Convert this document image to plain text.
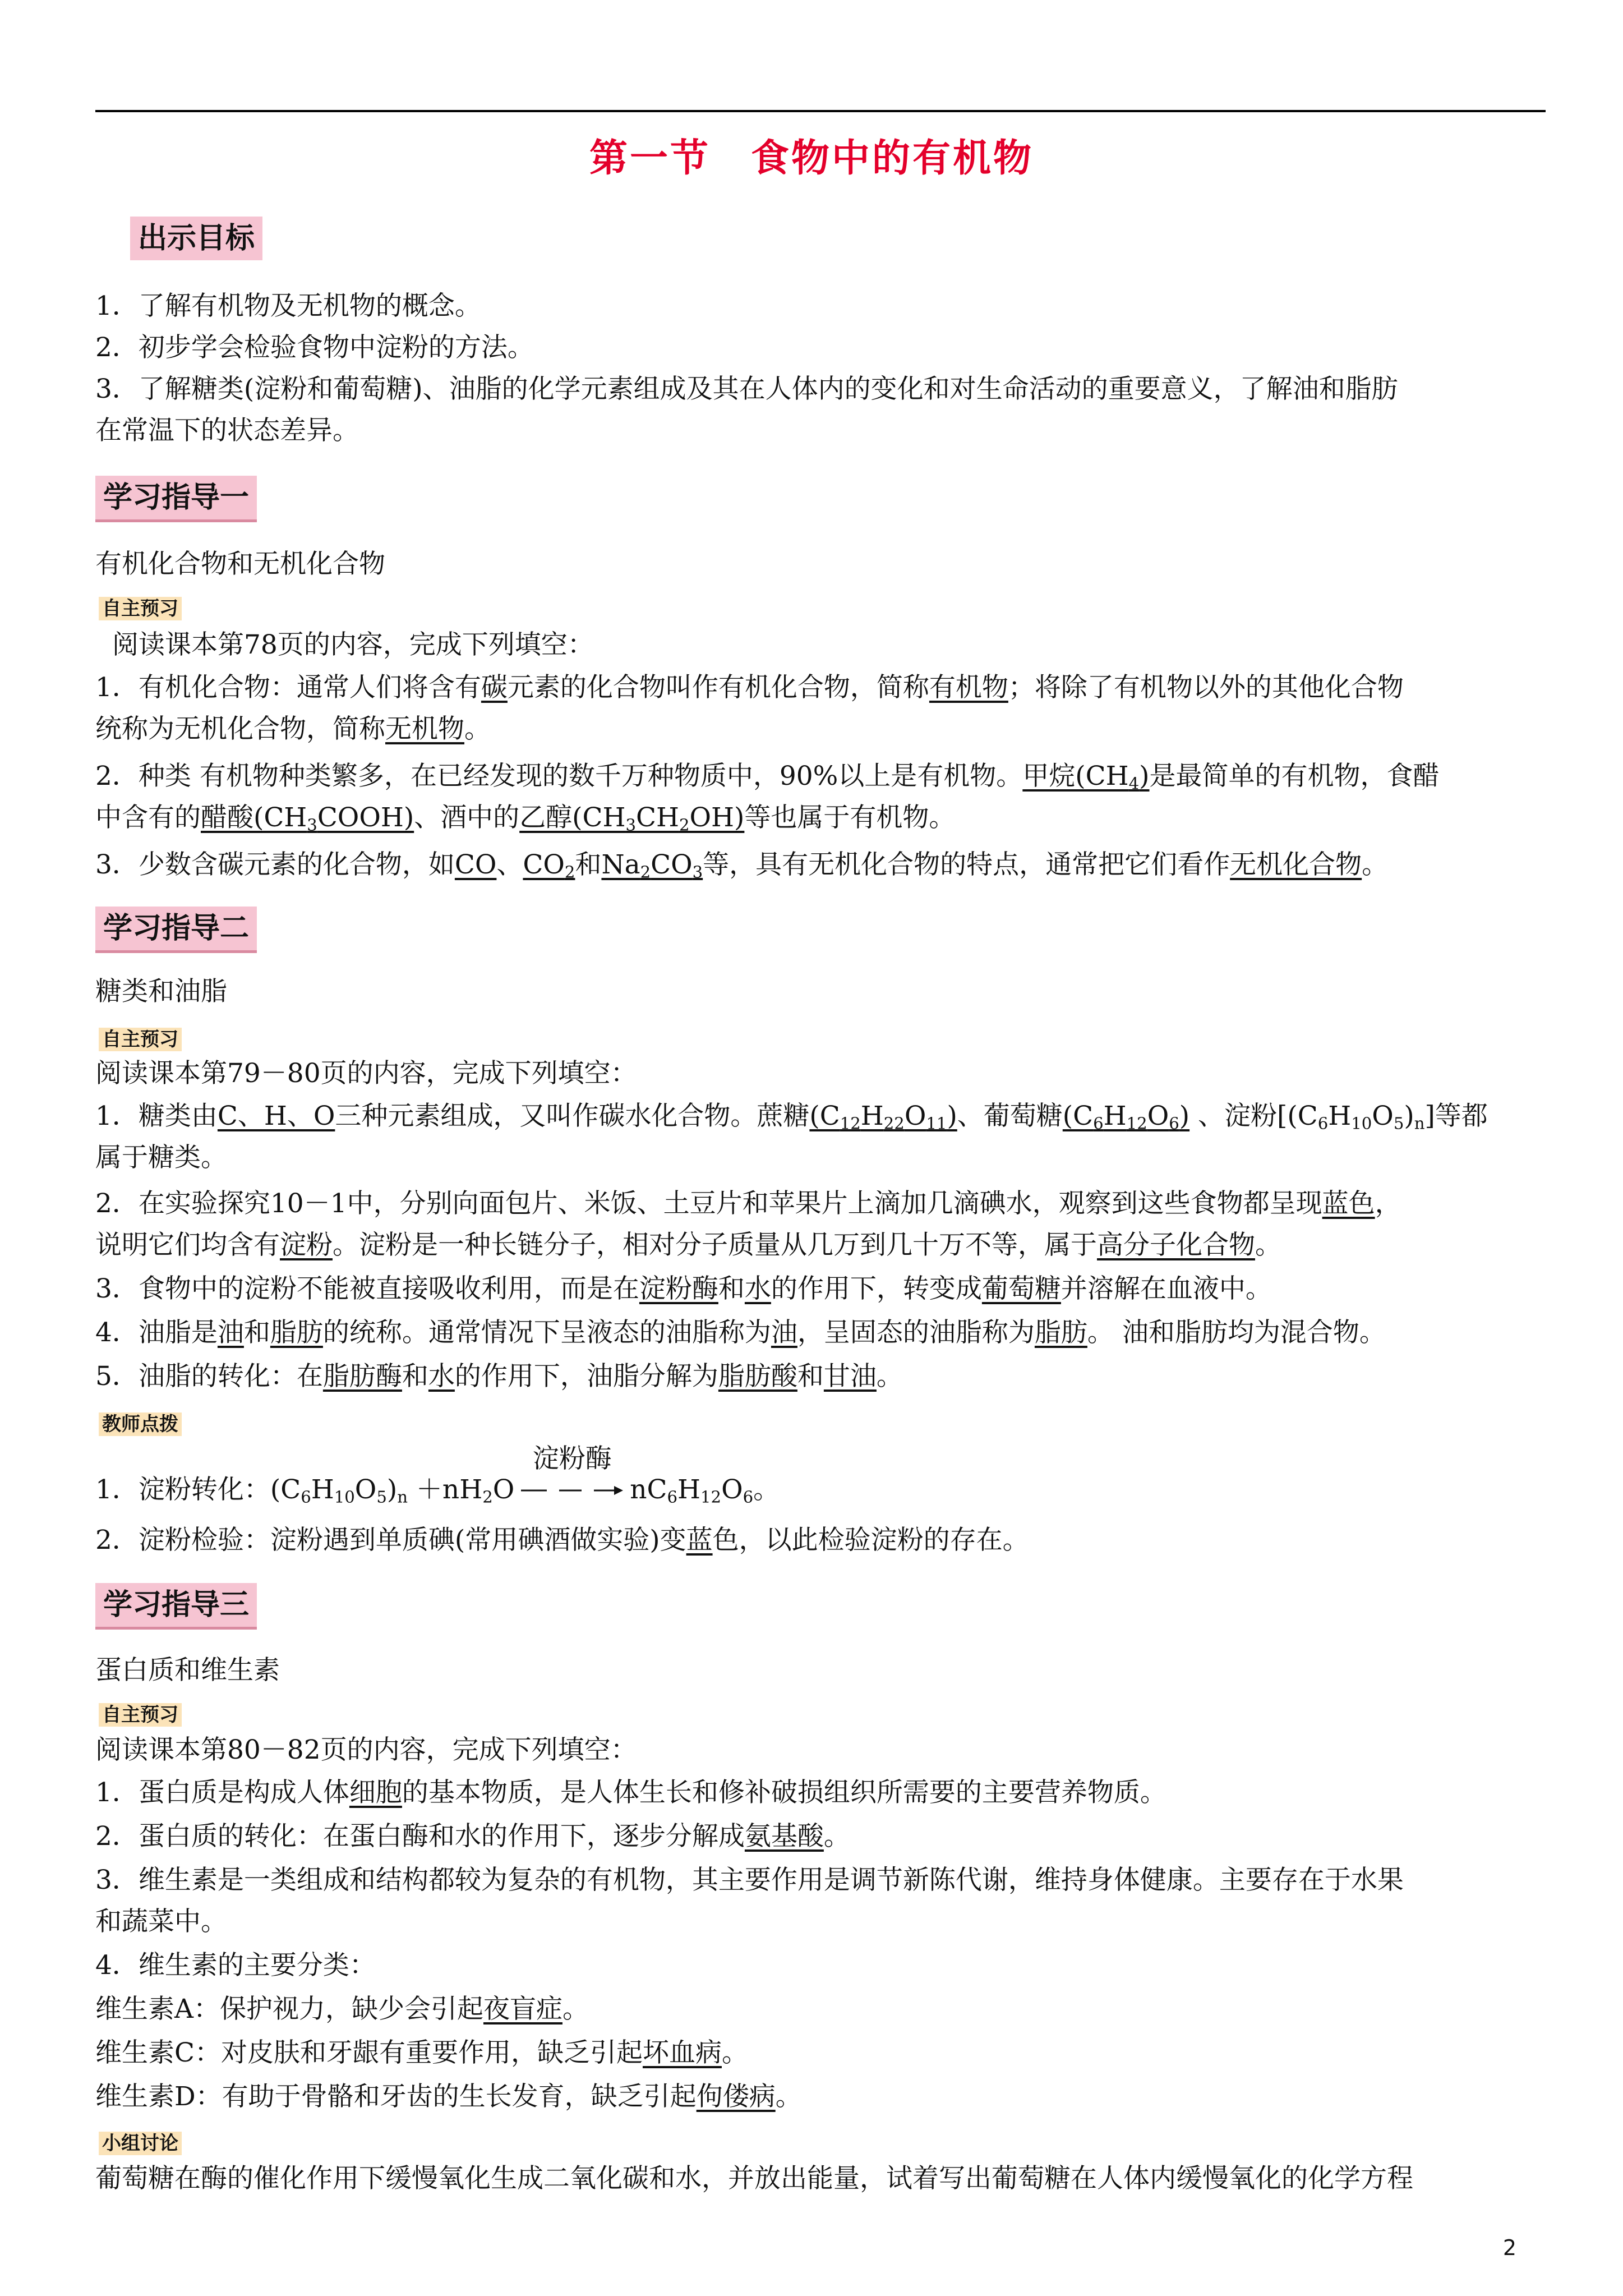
第一节　食物中的有机物
出示目标
1．了解有机物及无机物的概念。
2．初步学会检验食物中淀粉的方法。
3．了解糖类(淀粉和葡萄糖)、油脂的化学元素组成及其在人体内的变化和对生命活动的重要意义，了解油和脂肪
在常温下的状态差异。
学习指导一
有机化合物和无机化合物
自主预习
阅读课本第78页的内容，完成下列填空：
1．有机化合物：通常人们将含有碳元素的化合物叫作有机化合物，简称有机物；将除了有机物以外的其他化合物
统称为无机化合物，简称无机物。
2．种类 有机物种类繁多，在已经发现的数千万种物质中，90%以上是有机物。甲烷$(CH_4)$是最简单的有机物，食醋
中含有的醋酸$(CH_3COOH)$、酒中的乙醇$(CH_3CH_2OH)$等也属于有机物。
3．少数含碳元素的化合物，如CO、$CO_2$和$Na_2CO_3$等，具有无机化合物的特点，通常把它们看作无机化合物。
学习指导二
糖类和油脂
自主预习
阅读课本第79－80页的内容，完成下列填空：
1．糖类由C、H、O三种元素组成，又叫作碳水化合物。蔗糖$(C_{12}H_{22}O_{11})$、葡萄糖$(C_6H_{12}O_6)$ 、淀粉$[(C_6H_{10}O_5)_n]$等都
属于糖类。
2．在实验探究10－1中，分别向面包片、米饭、土豆片和苹果片上滴加几滴碘水，观察到这些食物都呈现蓝色，
说明它们均含有淀粉。淀粉是一种长链分子，相对分子质量从几万到几十万不等，属于高分子化合物。
3．食物中的淀粉不能被直接吸收利用，而是在淀粉酶和水的作用下，转变成葡萄糖并溶解在血液中。
4．油脂是油和脂肪的统称。通常情况下呈液态的油脂称为油，呈固态的油脂称为脂肪。 油和脂肪均为混合物。
5．油脂的转化：在脂肪酶和水的作用下，油脂分解为脂肪酸和甘油。
教师点拨
1．淀粉转化：$(C_6H_{10}O_5)_n +nH_2O$
淀粉酶
$nC_6H_{12}O_6$。
2．淀粉检验：淀粉遇到单质碘(常用碘酒做实验)变蓝色，以此检验淀粉的存在。
学习指导三
蛋白质和维生素
自主预习
阅读课本第80－82页的内容，完成下列填空：
1．蛋白质是构成人体细胞的基本物质，是人体生长和修补破损组织所需要的主要营养物质。
2．蛋白质的转化：在蛋白酶和水的作用下，逐步分解成氨基酸。
3．维生素是一类组成和结构都较为复杂的有机物，其主要作用是调节新陈代谢，维持身体健康。主要存在于水果
和蔬菜中。
4．维生素的主要分类：
维生素A：保护视力，缺少会引起夜盲症。
维生素C：对皮肤和牙龈有重要作用，缺乏引起坏血病。
维生素D：有助于骨骼和牙齿的生长发育，缺乏引起佝偻病。
小组讨论
葡萄糖在酶的催化作用下缓慢氧化生成二氧化碳和水，并放出能量，试着写出葡萄糖在人体内缓慢氧化的化学方程
2
